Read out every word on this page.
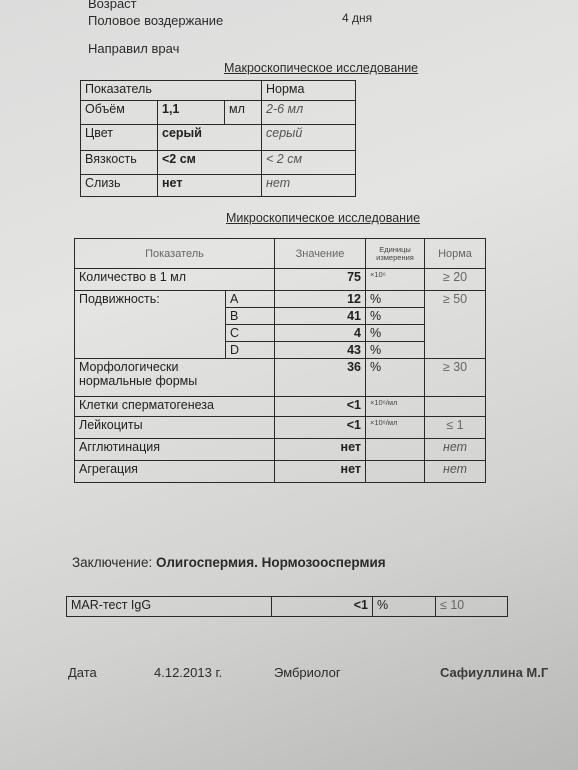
Возраст
Половое воздержание	4 дня
Направил врач
Макроскопическое исследование
Показатель			Норма
Объём	1,1	мл	2-6 мл
Цвет	серый		серый
Вязкость	<2 см		< 2 см
Слизь	нет		нет
Микроскопическое исследование
Показатель		Значение	Единицы измерения	Норма
Количество в 1 мл		75	×10⁶	≥ 20
Подвижность:	A	12	%	≥ 50
	B	41	%	
	C	4	%	
	D	43	%	

Морфологически
нормальные формы		36	%	≥ 30
Клетки сперматогенеза		<1	×10⁶/мл	
Лейкоциты		<1	×10⁶/мл	≤ 1
Агглютинация		нет		нет
Агрегация		нет		нет
Заключение: Олигоспермия. Нормозооспермия
MAR-тест IgG	<1	%	≤ 10
Дата	4.12.2013 г.	Эмбриолог	Сафиуллина М.Г
